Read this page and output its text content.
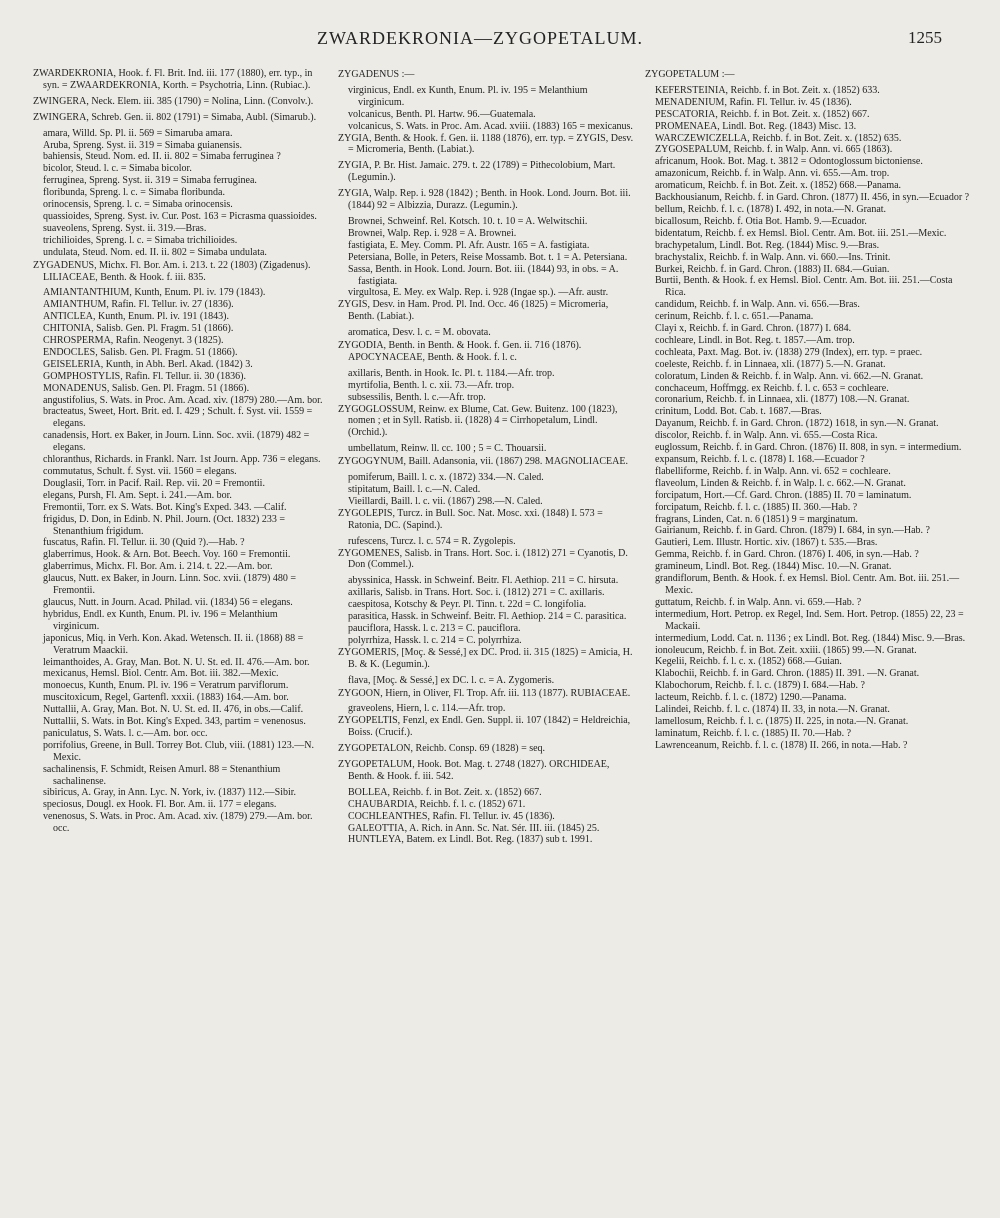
ZWARDEKRONIA—ZYGOPETALUM.	1255

ZWARDEKRONIA, Hook. f. Fl. Brit. Ind. iii. 177 (1880), err. typ., in syn. = ZWAARDEKRONIA, Korth. = Psychotria, Linn. (Rubiac.).

ZWINGERA, Neck. Elem. iii. 385 (1790) = Nolina, Linn. (Convolv.).

ZWINGERA, Schreb. Gen. ii. 802 (1791) = Simaba, Aubl. (Simarub.).

amara, Willd. Sp. Pl. ii. 569 = Simaruba amara.

Aruba, Spreng. Syst. ii. 319 = Simaba guianensis.

bahiensis, Steud. Nom. ed. II. ii. 802 = Simaba ferruginea ?

bicolor, Steud. l. c. = Simaba bicolor.

ferruginea, Spreng. Syst. ii. 319 = Simaba ferruginea.

floribunda, Spreng. l. c. = Simaba floribunda.

orinocensis, Spreng. l. c. = Simaba orinocensis.

quassioides, Spreng. Syst. iv. Cur. Post. 163 = Picrasma quassioides.

suaveolens, Spreng. Syst. ii. 319.—Bras.

trichilioides, Spreng. l. c. = Simaba trichilioides.

undulata, Steud. Nom. ed. II. ii. 802 = Simaba undulata.

ZYGADENUS, Michx. Fl. Bor. Am. i. 213. t. 22 (1803) (Zigadenus). LILIACEAE, Benth. & Hook. f. iii. 835.

AMIANTANTHIUM, Kunth, Enum. Pl. iv. 179 (1843).

AMIANTHUM, Rafin. Fl. Tellur. iv. 27 (1836).

ANTICLEA, Kunth, Enum. Pl. iv. 191 (1843).

CHITONIA, Salisb. Gen. Pl. Fragm. 51 (1866).

CHROSPERMA, Rafin. Neogenyt. 3 (1825).

ENDOCLES, Salisb. Gen. Pl. Fragm. 51 (1866).

GEISELERIA, Kunth, in Abh. Berl. Akad. (1842) 3.

GOMPHOSTYLIS, Rafin. Fl. Tellur. ii. 30 (1836).

MONADENUS, Salisb. Gen. Pl. Fragm. 51 (1866).

angustifolius, S. Wats. in Proc. Am. Acad. xiv. (1879) 280.—Am. bor.

bracteatus, Sweet, Hort. Brit. ed. I. 429 ; Schult. f. Syst. vii. 1559 = elegans.

canadensis, Hort. ex Baker, in Journ. Linn. Soc. xvii. (1879) 482 = elegans.

chloranthus, Richards. in Frankl. Narr. 1st Journ. App. 736 = elegans.

commutatus, Schult. f. Syst. vii. 1560 = elegans.

Douglasii, Torr. in Pacif. Rail. Rep. vii. 20 = Fremontii.

elegans, Pursh, Fl. Am. Sept. i. 241.—Am. bor.

Fremontii, Torr. ex S. Wats. Bot. King's Exped. 343. —Calif.

frigidus, D. Don, in Edinb. N. Phil. Journ. (Oct. 1832) 233 = Stenanthium frigidum.

fuscatus, Rafin. Fl. Tellur. ii. 30 (Quid ?).—Hab. ?

glaberrimus, Hook. & Arn. Bot. Beech. Voy. 160 = Fremontii.

glaberrimus, Michx. Fl. Bor. Am. i. 214. t. 22.—Am. bor.

glaucus, Nutt. ex Baker, in Journ. Linn. Soc. xvii. (1879) 480 = Fremontii.

glaucus, Nutt. in Journ. Acad. Philad. vii. (1834) 56 = elegans.

hybridus, Endl. ex Kunth, Enum. Pl. iv. 196 = Melanthium virginicum.

japonicus, Miq. in Verh. Kon. Akad. Wetensch. II. ii. (1868) 88 = Veratrum Maackii.

leimanthoides, A. Gray, Man. Bot. N. U. St. ed. II. 476.—Am. bor.

mexicanus, Hemsl. Biol. Centr. Am. Bot. iii. 382.—Mexic.

monoecus, Kunth, Enum. Pl. iv. 196 = Veratrum parviflorum.

muscitoxicum, Regel, Gartenfl. xxxii. (1883) 164.—Am. bor.

Nuttallii, A. Gray, Man. Bot. N. U. St. ed. II. 476, in obs.—Calif.

Nuttallii, S. Wats. in Bot. King's Exped. 343, partim = venenosus.

paniculatus, S. Wats. l. c.—Am. bor. occ.

porrifolius, Greene, in Bull. Torrey Bot. Club, viii. (1881) 123.—N. Mexic.

sachalinensis, F. Schmidt, Reisen Amurl. 88 = Stenanthium sachalinense.

sibiricus, A. Gray, in Ann. Lyc. N. York, iv. (1837) 112.—Sibir.

speciosus, Dougl. ex Hook. Fl. Bor. Am. ii. 177 = elegans.

venenosus, S. Wats. in Proc. Am. Acad. xiv. (1879) 279.—Am. bor. occ.

ZYGADENUS :—

virginicus, Endl. ex Kunth, Enum. Pl. iv. 195 = Melanthium virginicum.

volcanicus, Benth. Pl. Hartw. 96.—Guatemala.

volcanicus, S. Wats. in Proc. Am. Acad. xviii. (1883) 165 = mexicanus.

ZYGIA, Benth. & Hook. f. Gen. ii. 1188 (1876), err. typ. = ZYGIS, Desv. = Micromeria, Benth. (Labiat.).

ZYGIA, P. Br. Hist. Jamaic. 279. t. 22 (1789) = Pithecolobium, Mart. (Legumin.).

ZYGIA, Walp. Rep. i. 928 (1842) ; Benth. in Hook. Lond. Journ. Bot. iii. (1844) 92 = Albizzia, Durazz. (Legumin.).

Brownei, Schweinf. Rel. Kotsch. 10. t. 10 = A. Welwitschii.

Brownei, Walp. Rep. i. 928 = A. Brownei.

fastigiata, E. Mey. Comm. Pl. Afr. Austr. 165 = A. fastigiata.

Petersiana, Bolle, in Peters, Reise Mossamb. Bot. t. 1 = A. Petersiana.

Sassa, Benth. in Hook. Lond. Journ. Bot. iii. (1844) 93, in obs. = A. fastigiata.

virgultosa, E. Mey. ex Walp. Rep. i. 928 (Ingae sp.). —Afr. austr.

ZYGIS, Desv. in Ham. Prod. Pl. Ind. Occ. 46 (1825) = Micromeria, Benth. (Labiat.).

aromatica, Desv. l. c. = M. obovata.

ZYGODIA, Benth. in Benth. & Hook. f. Gen. ii. 716 (1876). APOCYNACEAE, Benth. & Hook. f. l. c.

axillaris, Benth. in Hook. Ic. Pl. t. 1184.—Afr. trop.

myrtifolia, Benth. l. c. xii. 73.—Afr. trop.

subsessilis, Benth. l. c.—Afr. trop.

ZYGOGLOSSUM, Reinw. ex Blume, Cat. Gew. Buitenz. 100 (1823), nomen ; et in Syll. Ratisb. ii. (1828) 4 = Cirrhopetalum, Lindl. (Orchid.).

umbellatum, Reinw. ll. cc. 100 ; 5 = C. Thouarsii.

ZYGOGYNUM, Baill. Adansonia, vii. (1867) 298. MAGNOLIACEAE.

pomiferum, Baill. l. c. x. (1872) 334.—N. Caled.

stipitatum, Baill. l. c.—N. Caled.

Vieillardi, Baill. l. c. vii. (1867) 298.—N. Caled.

ZYGOLEPIS, Turcz. in Bull. Soc. Nat. Mosc. xxi. (1848) I. 573 = Ratonia, DC. (Sapind.).

rufescens, Turcz. l. c. 574 = R. Zygolepis.

ZYGOMENES, Salisb. in Trans. Hort. Soc. i. (1812) 271 = Cyanotis, D. Don (Commel.).

abyssinica, Hassk. in Schweinf. Beitr. Fl. Aethiop. 211 = C. hirsuta.

axillaris, Salisb. in Trans. Hort. Soc. i. (1812) 271 = C. axillaris.

caespitosa, Kotschy & Peyr. Pl. Tinn. t. 22d = C. longifolia.

parasitica, Hassk. in Schweinf. Beitr. Fl. Aethiop. 214 = C. parasitica.

pauciflora, Hassk. l. c. 213 = C. pauciflora.

polyrrhiza, Hassk. l. c. 214 = C. polyrrhiza.

ZYGOMERIS, [Moç. & Sessé,] ex DC. Prod. ii. 315 (1825) = Amicia, H. B. & K. (Legumin.).

flava, [Moç. & Sessé,] ex DC. l. c. = A. Zygomeris.

ZYGOON, Hiern, in Oliver, Fl. Trop. Afr. iii. 113 (1877). RUBIACEAE.

graveolens, Hiern, l. c. 114.—Afr. trop.

ZYGOPELTIS, Fenzl, ex Endl. Gen. Suppl. ii. 107 (1842) = Heldreichia, Boiss. (Crucif.).

ZYGOPETALON, Reichb. Consp. 69 (1828) = seq.

ZYGOPETALUM, Hook. Bot. Mag. t. 2748 (1827). ORCHIDEAE, Benth. & Hook. f. iii. 542.

BOLLEA, Reichb. f. in Bot. Zeit. x. (1852) 667.

CHAUBARDIA, Reichb. f. l. c. (1852) 671.

COCHLEANTHES, Rafin. Fl. Tellur. iv. 45 (1836).

GALEOTTIA, A. Rich. in Ann. Sc. Nat. Sér. III. iii. (1845) 25.

HUNTLEYA, Batem. ex Lindl. Bot. Reg. (1837) sub t. 1991.

ZYGOPETALUM :—

KEFERSTEINIA, Reichb. f. in Bot. Zeit. x. (1852) 633.

MENADENIUM, Rafin. Fl. Tellur. iv. 45 (1836).

PESCATORIA, Reichb. f. in Bot. Zeit. x. (1852) 667.

PROMENAEA, Lindl. Bot. Reg. (1843) Misc. 13.

WARCZEWICZELLA, Reichb. f. in Bot. Zeit. x. (1852) 635.

ZYGOSEPALUM, Reichb. f. in Walp. Ann. vi. 665 (1863).

africanum, Hook. Bot. Mag. t. 3812 = Odontoglossum bictoniense.

amazonicum, Reichb. f. in Walp. Ann. vi. 655.—Am. trop.

aromaticum, Reichb. f. in Bot. Zeit. x. (1852) 668.—Panama.

Backhousianum, Reichb. f. in Gard. Chron. (1877) II. 456, in syn.—Ecuador ?

bellum, Reichb. f. l. c. (1878) I. 492, in nota.—N. Granat.

bicallosum, Reichb. f. Otia Bot. Hamb. 9.—Ecuador.

bidentatum, Reichb. f. ex Hemsl. Biol. Centr. Am. Bot. iii. 251.—Mexic.

brachypetalum, Lindl. Bot. Reg. (1844) Misc. 9.—Bras.

brachystalix, Reichb. f. in Walp. Ann. vi. 660.—Ins. Trinit.

Burkei, Reichb. f. in Gard. Chron. (1883) II. 684.—Guian.

Burtii, Benth. & Hook. f. ex Hemsl. Biol. Centr. Am. Bot. iii. 251.—Costa Rica.

candidum, Reichb. f. in Walp. Ann. vi. 656.—Bras.

cerinum, Reichb. f. l. c. 651.—Panama.

Clayi x, Reichb. f. in Gard. Chron. (1877) I. 684.

cochleare, Lindl. in Bot. Reg. t. 1857.—Am. trop.

cochleata, Paxt. Mag. Bot. iv. (1838) 279 (Index), err. typ. = praec.

coeleste, Reichb. f. in Linnaea, xli. (1877) 5.—N. Granat.

coloratum, Linden & Reichb. f. in Walp. Ann. vi. 662.—N. Granat.

conchaceum, Hoffmgg. ex Reichb. f. l. c. 653 = cochleare.

coronarium, Reichb. f. in Linnaea, xli. (1877) 108.—N. Granat.

crinitum, Lodd. Bot. Cab. t. 1687.—Bras.

Dayanum, Reichb. f. in Gard. Chron. (1872) 1618, in syn.—N. Granat.

discolor, Reichb. f. in Walp. Ann. vi. 655.—Costa Rica.

euglossum, Reichb. f. in Gard. Chron. (1876) II. 808, in syn. = intermedium.

expansum, Reichb. f. l. c. (1878) I. 168.—Ecuador ?

flabelliforme, Reichb. f. in Walp. Ann. vi. 652 = cochleare.

flaveolum, Linden & Reichb. f. in Walp. l. c. 662.—N. Granat.

forcipatum, Hort.—Cf. Gard. Chron. (1885) II. 70 = laminatum.

forcipatum, Reichb. f. l. c. (1885) II. 360.—Hab. ?

fragrans, Linden, Cat. n. 6 (1851) 9 = marginatum.

Gairianum, Reichb. f. in Gard. Chron. (1879) I. 684, in syn.—Hab. ?

Gautieri, Lem. Illustr. Hortic. xiv. (1867) t. 535.—Bras.

Gemma, Reichb. f. in Gard. Chron. (1876) I. 406, in syn.—Hab. ?

gramineum, Lindl. Bot. Reg. (1844) Misc. 10.—N. Granat.

grandiflorum, Benth. & Hook. f. ex Hemsl. Biol. Centr. Am. Bot. iii. 251.—Mexic.

guttatum, Reichb. f. in Walp. Ann. vi. 659.—Hab. ?

intermedium, Hort. Petrop. ex Regel, Ind. Sem. Hort. Petrop. (1855) 22, 23 = Mackaii.

intermedium, Lodd. Cat. n. 1136 ; ex Lindl. Bot. Reg. (1844) Misc. 9.—Bras.

ionoleucum, Reichb. f. in Bot. Zeit. xxiii. (1865) 99.—N. Granat.

Kegelii, Reichb. f. l. c. x. (1852) 668.—Guian.

Klabochii, Reichb. f. in Gard. Chron. (1885) II. 391. —N. Granat.

Klabochorum, Reichb. f. l. c. (1879) I. 684.—Hab. ?

lacteum, Reichb. f. l. c. (1872) 1290.—Panama.

Lalindei, Reichb. f. l. c. (1874) II. 33, in nota.—N. Granat.

lamellosum, Reichb. f. l. c. (1875) II. 225, in nota.—N. Granat.

laminatum, Reichb. f. l. c. (1885) II. 70.—Hab. ?

Lawrenceanum, Reichb. f. l. c. (1878) II. 266, in nota.—Hab. ?
